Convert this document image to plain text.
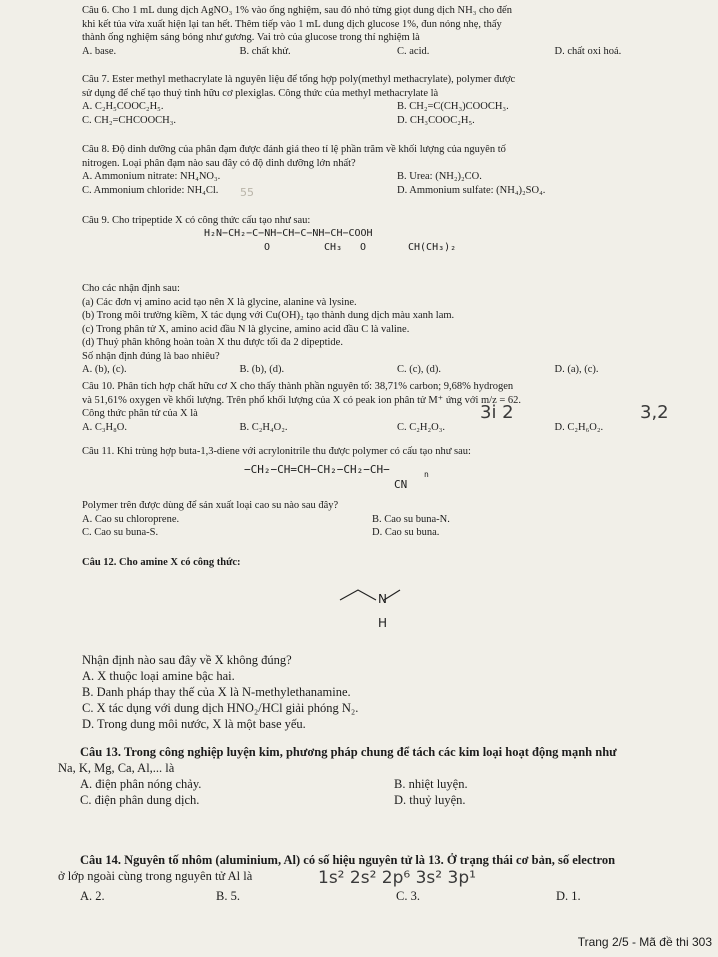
Câu 6. Cho 1 mL dung dịch AgNO₃ 1% vào ống nghiệm, sau đó nhỏ từng giọt dung dịch NH₃ cho đến

khi kết tủa vừa xuất hiện lại tan hết. Thêm tiếp vào 1 mL dung dịch glucose 1%, đun nóng nhẹ, thấy

thành ống nghiệm sáng bóng như gương. Vai trò của glucose trong thí nghiệm là

A. base.	B. chất khử.	C. acid.	D. chất oxi hoá.

Câu 7. Ester methyl methacrylate là nguyên liệu để tổng hợp poly(methyl methacrylate), polymer được

sử dụng để chế tạo thuỷ tinh hữu cơ plexiglas. Công thức của methyl methacrylate là

A. C₂H₅COOC₂H₅.	B. CH₂=C(CH₃)COOCH₃.
C. CH₂=CHCOOCH₃.	D. CH₃COOC₂H₅.

Câu 8. Độ dinh dưỡng của phân đạm được đánh giá theo tỉ lệ phần trăm về khối lượng của nguyên tố

nitrogen. Loại phân đạm nào sau đây có độ dinh dưỡng lớn nhất?

A. Ammonium nitrate: NH₄NO₃.	B. Urea: (NH₂)₂CO.
C. Ammonium chloride: NH₄Cl.	D. Ammonium sulfate: (NH₄)₂SO₄.
55

Câu 9. Cho tripeptide X có công thức cấu tạo như sau:

H₂N−CH₂−C−NH−CH−C−NH−CH−COOH
O	CH₃ O	CH(CH₃)₂

Cho các nhận định sau:

(a) Các đơn vị amino acid tạo nên X là glycine, alanine và lysine.

(b) Trong môi trường kiềm, X tác dụng với Cu(OH)₂ tạo thành dung dịch màu xanh lam.

(c) Trong phân tử X, amino acid đầu N là glycine, amino acid đầu C là valine.

(d) Thuỷ phân không hoàn toàn X thu được tối đa 2 dipeptide.

Số nhận định đúng là bao nhiêu?

A. (b), (c).	B. (b), (d).	C. (c), (d).	D. (a), (c).

Câu 10. Phân tích hợp chất hữu cơ X cho thấy thành phần nguyên tố: 38,71% carbon; 9,68% hydrogen

và 51,61% oxygen về khối lượng. Trên phổ khối lượng của X có peak ion phân tử M⁺ ứng với m/z = 62.

Công thức phân tử của X là

A. C₃H₈O.	B. C₂H₄O₂.	C. C₂H₂O₃.	D. C₂H₆O₂.
3i 2	3,2

Câu 11. Khi trùng hợp buta-1,3-diene với acrylonitrile thu được polymer có cấu tạo như sau:

−CH₂−CH=CH−CH₂−CH₂−CH−	n
CN

Polymer trên được dùng để sản xuất loại cao su nào sau đây?

A. Cao su chloroprene.	B. Cao su buna-N.
C. Cao su buna-S.	D. Cao su buna.

Câu 12. Cho amine X có công thức:

N
H

Nhận định nào sau đây về X không đúng?

A. X thuộc loại amine bậc hai.

B. Danh pháp thay thế của X là N-methylethanamine.

C. X tác dụng với dung dịch HNO₂/HCl giải phóng N₂.

D. Trong dung môi nước, X là một base yếu.

Câu 13. Trong công nghiệp luyện kim, phương pháp chung để tách các kim loại hoạt động mạnh như

Na, K, Mg, Ca, Al,... là

A. điện phân nóng chảy.	B. nhiệt luyện.
C. điện phân dung dịch.	D. thuỷ luyện.

Câu 14. Nguyên tố nhôm (aluminium, Al) có số hiệu nguyên tử là 13. Ở trạng thái cơ bản, số electron

ở lớp ngoài cùng trong nguyên tử Al là

A. 2.	B. 5.	C. 3.	D. 1.
1s² 2s² 2p⁶ 3s² 3p¹
Trang 2/5 - Mã đề thi 303
